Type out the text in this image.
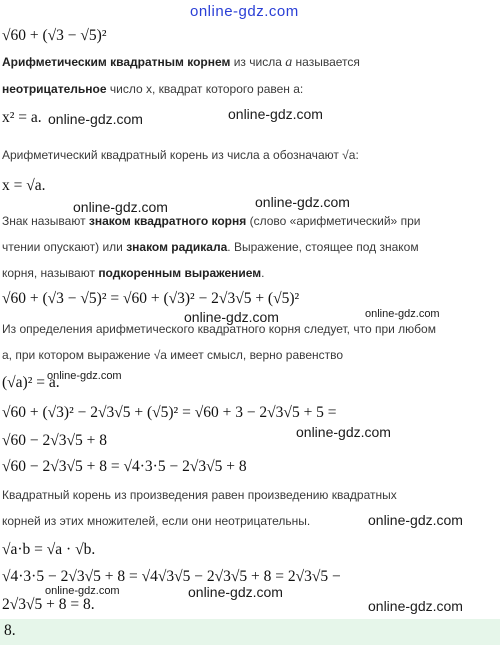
online-gdz.com
√60 + (√3 − √5)²
Арифметическим квадратным корнем из числа a называется
неотрицательное число x, квадрат которого равен a:
x² = a. online-gdz.com	online-gdz.com
Арифметический квадратный корень из числа a обозначают √a:
x = √a.
online-gdz.com	online-gdz.com
Знак называют знаком квадратного корня (слово «арифметический» при
чтении опускают) или знаком радикала. Выражение, стоящее под знаком
корня, называют подкоренным выражением.
√60 + (√3 − √5)² = √60 + (√3)² − 2√3√5 + (√5)²
online-gdz.com	online-gdz.com
Из определения арифметического квадратного корня следует, что при любом
a, при котором выражение √a имеет смысл, верно равенство
(√a)² = a.
online-gdz.com
√60 + (√3)² − 2√3√5 + (√5)² = √60 + 3 − 2√3√5 + 5 =
online-gdz.com
√60 − 2√3√5 + 8
√60 − 2√3√5 + 8 = √4·3·5 − 2√3√5 + 8
Квадратный корень из произведения равен произведению квадратных
корней из этих множителей, если они неотрицательны.	online-gdz.com
√a·b = √a · √b.
√4·3·5 − 2√3√5 + 8 = √4√3√5 − 2√3√5 + 8 = 2√3√5 −
online-gdz.com	online-gdz.com
2√3√5 + 8 = 8.	online-gdz.com
8.
